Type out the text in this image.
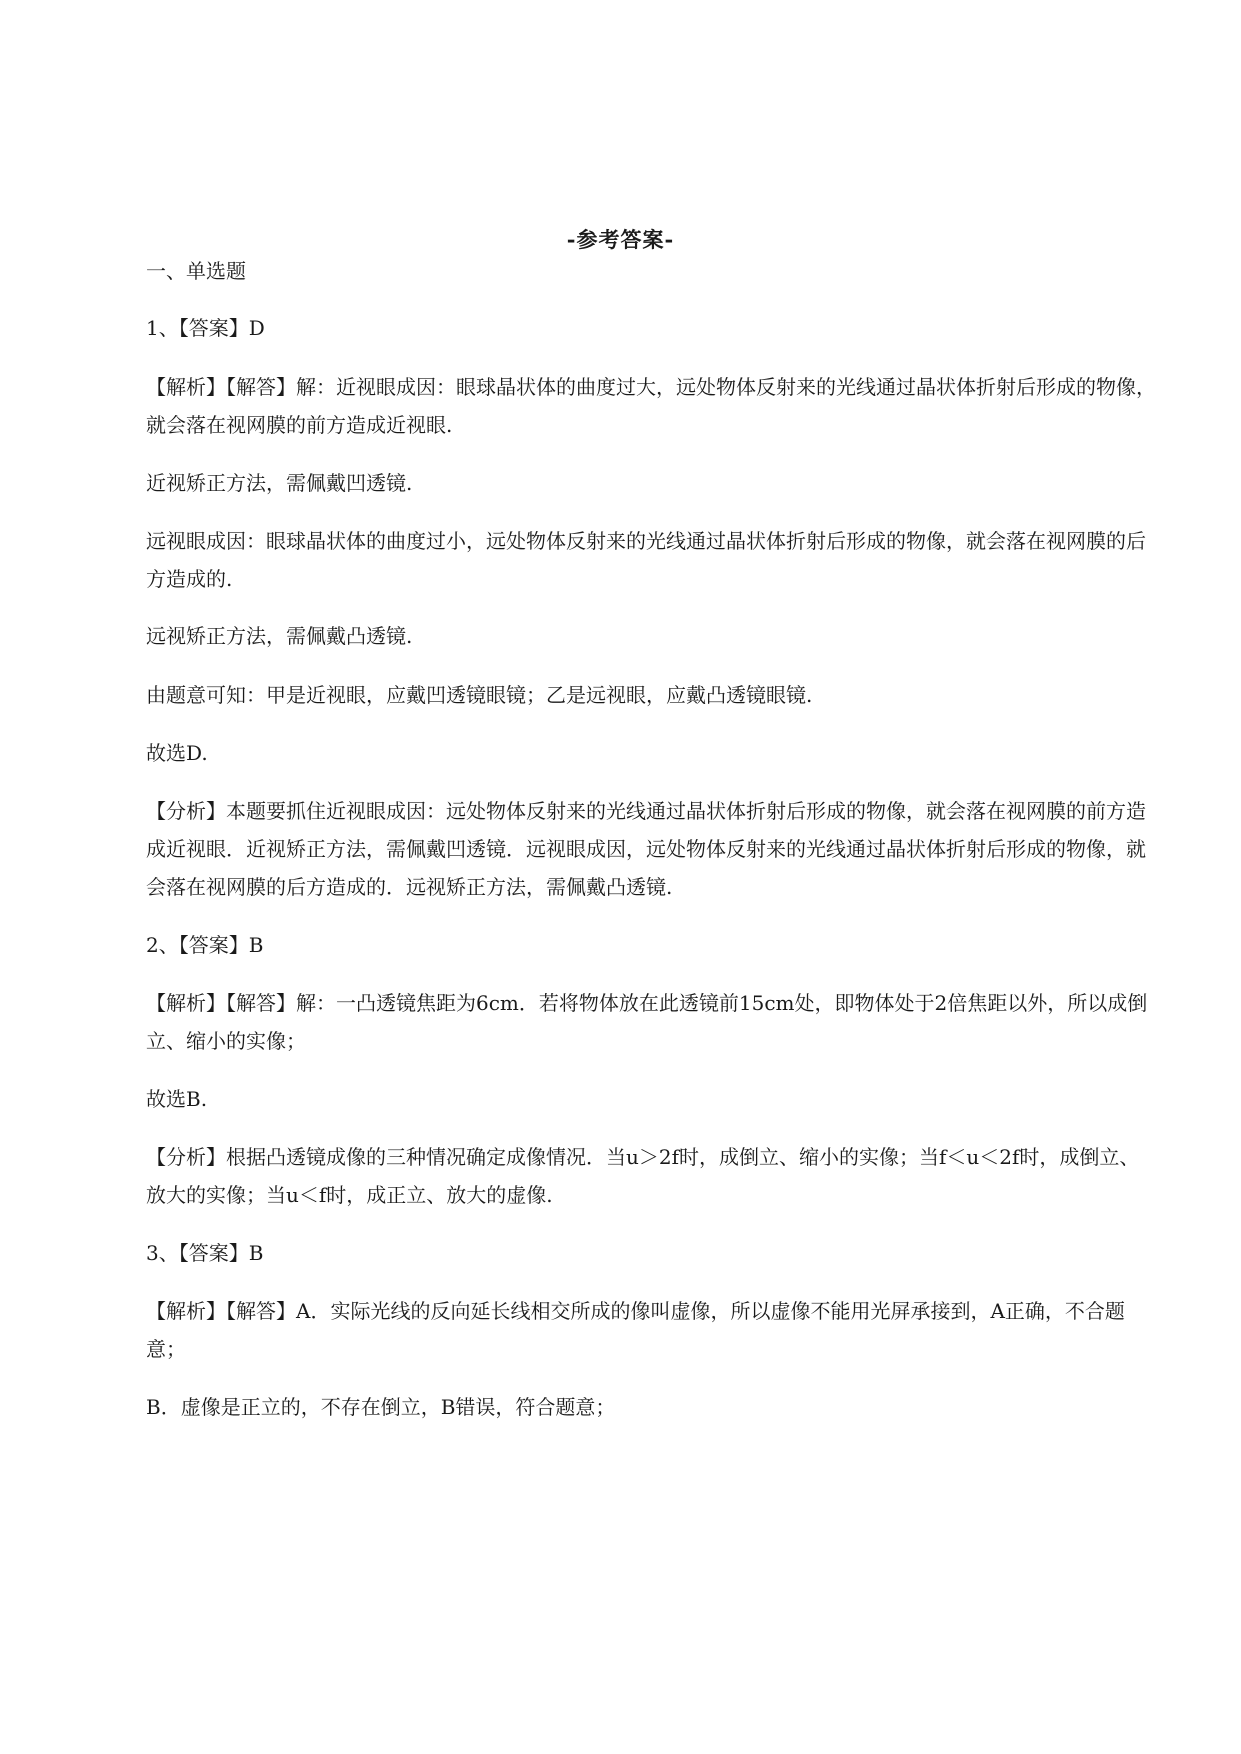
-参考答案-

一、单选题

1、【答案】D

【解析】【解答】解：近视眼成因：眼球晶状体的曲度过大，远处物体反射来的光线通过晶状体折射后形成的物像，就会落在视网膜的前方造成近视眼.

近视矫正方法，需佩戴凹透镜.

远视眼成因：眼球晶状体的曲度过小，远处物体反射来的光线通过晶状体折射后形成的物像，就会落在视网膜的后方造成的.

远视矫正方法，需佩戴凸透镜.

由题意可知：甲是近视眼，应戴凹透镜眼镜；乙是远视眼，应戴凸透镜眼镜.

故选D.

【分析】本题要抓住近视眼成因：远处物体反射来的光线通过晶状体折射后形成的物像，就会落在视网膜的前方造成近视眼．近视矫正方法，需佩戴凹透镜．远视眼成因，远处物体反射来的光线通过晶状体折射后形成的物像，就会落在视网膜的后方造成的．远视矫正方法，需佩戴凸透镜.

2、【答案】B

【解析】【解答】解：一凸透镜焦距为6cm．若将物体放在此透镜前15cm处，即物体处于2倍焦距以外，所以成倒立、缩小的实像；

故选B.

【分析】根据凸透镜成像的三种情况确定成像情况．当u＞2f时，成倒立、缩小的实像；当f＜u＜2f时，成倒立、放大的实像；当u＜f时，成正立、放大的虚像.

3、【答案】B

【解析】【解答】A．实际光线的反向延长线相交所成的像叫虚像，所以虚像不能用光屏承接到，A正确，不合题意；

B．虚像是正立的，不存在倒立，B错误，符合题意；
